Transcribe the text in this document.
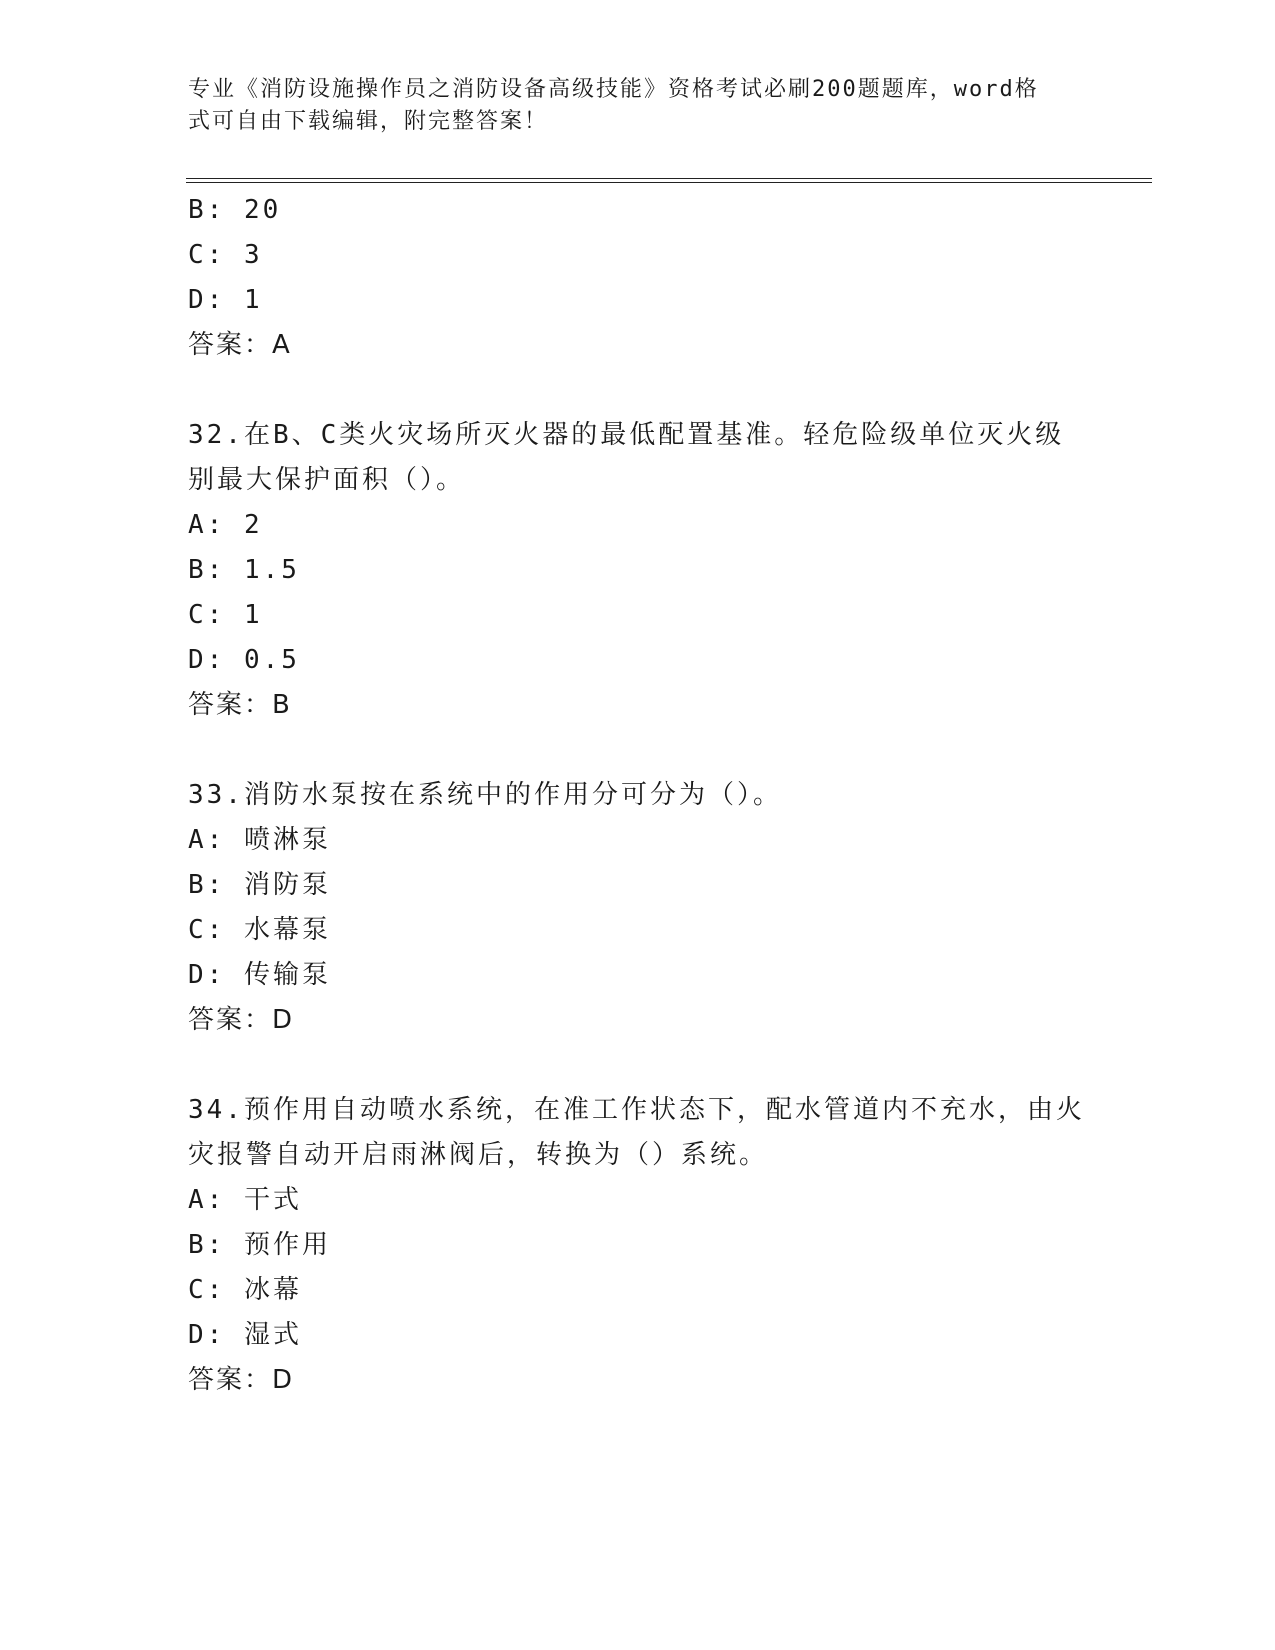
专业《消防设施操作员之消防设备高级技能》资格考试必刷200题题库，word格
式可自由下载编辑，附完整答案！
B: 20
C: 3
D: 1
答案：A
32.在B、C类火灾场所灭火器的最低配置基准。轻危险级单位灭火级
别最大保护面积（）。
A: 2
B: 1.5
C: 1
D: 0.5
答案：B
33.消防水泵按在系统中的作用分可分为（）。
A: 喷淋泵
B: 消防泵
C: 水幕泵
D: 传输泵
答案：D
34.预作用自动喷水系统，在准工作状态下，配水管道内不充水，由火
灾报警自动开启雨淋阀后，转换为（）系统。
A: 干式
B: 预作用
C: 冰幕
D: 湿式
答案：D
